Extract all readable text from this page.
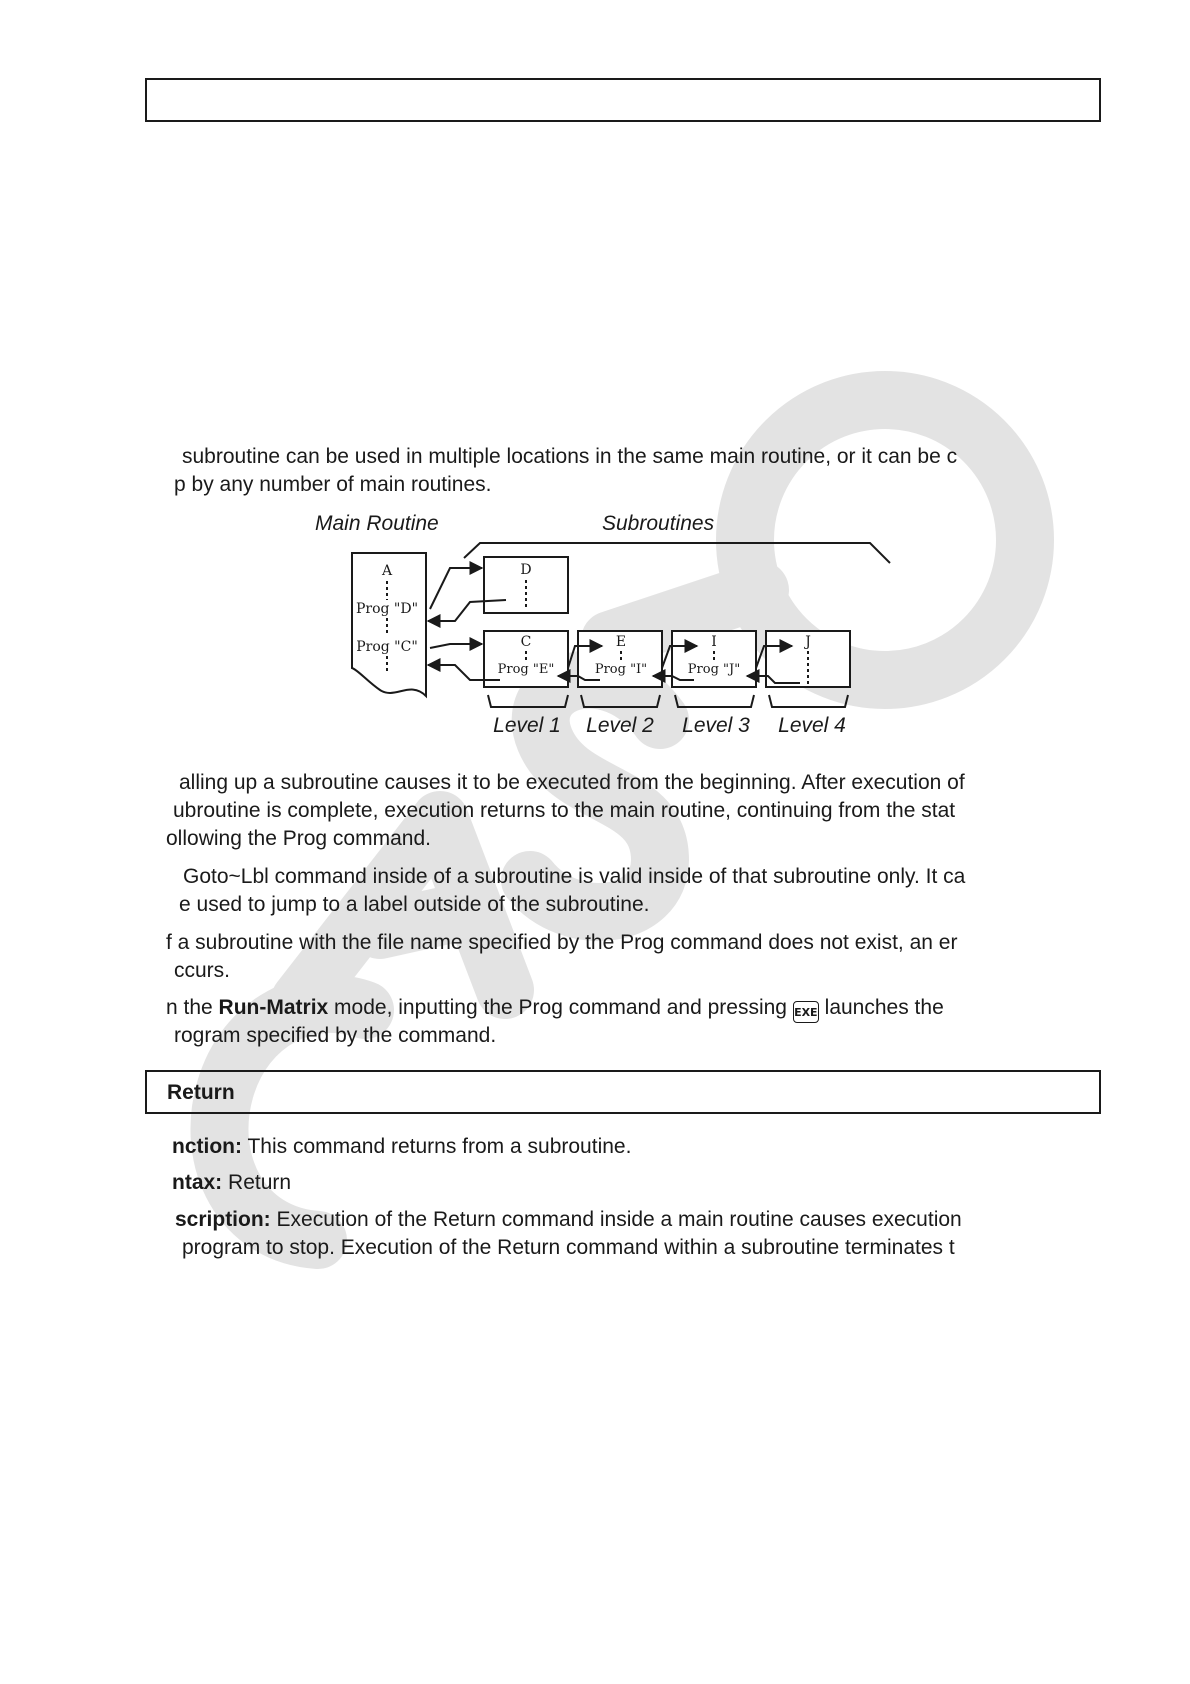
subroutine can be used in multiple locations in the same main routine, or it can be c
p by any number of main routines.
Main Routine	Subroutines
A
Prog "D"
Prog "C"
D
C
Prog "E"
E
Prog "I"
I
Prog "J"
J
Level 1 Level 2 Level 3 Level 4
alling up a subroutine causes it to be executed from the beginning. After execution of
ubroutine is complete, execution returns to the main routine, continuing from the stat
ollowing the Prog command.
Goto~Lbl command inside of a subroutine is valid inside of that subroutine only. It ca
e used to jump to a label outside of the subroutine.
f a subroutine with the file name specified by the Prog command does not exist, an er
ccurs.
n the Run-Matrix mode, inputting the Prog command and pressing EXE launches the
rogram specified by the command.
Return
nction: This command returns from a subroutine.
ntax: Return
scription: Execution of the Return command inside a main routine causes execution
program to stop. Execution of the Return command within a subroutine terminates t
